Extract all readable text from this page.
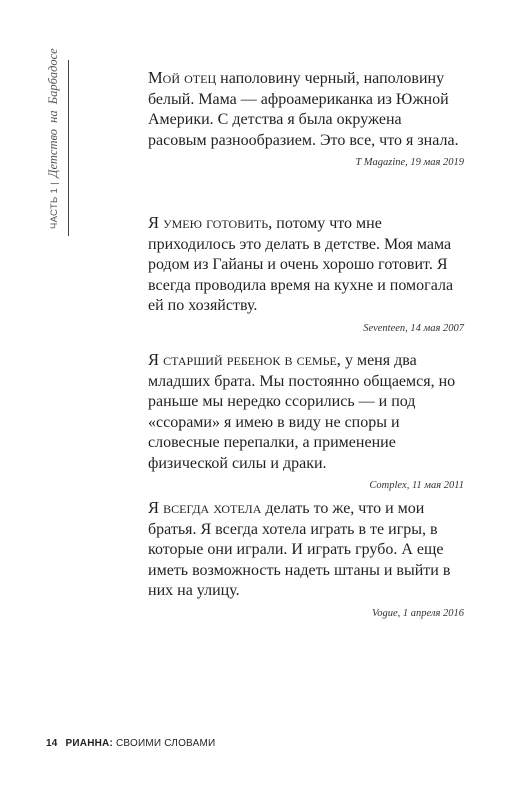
ЧАСТЬ 1|Детство на Барбадосе	Мой отец наполовину черный, наполовину белый. Мама — афроамериканка из Южной Америки. С детства я была окружена расовым разнообразием. Это все, что я знала.

T Magazine, 19 мая 2019

Я умею готовить, потому что мне приходилось это делать в детстве. Моя мама родом из Гайаны и очень хорошо готовит. Я всегда проводила время на кухне и помогала ей по хозяйству.

Seventeen, 14 мая 2007

Я старший ребенок в семье, у меня два младших брата. Мы постоянно общаемся, но раньше мы нередко ссорились — и под «ссорами» я имею в виду не споры и словесные перепалки, а применение физической силы и драки.

Complex, 11 мая 2011

Я всегда хотела делать то же, что и мои братья. Я всегда хотела играть в те игры, в которые они играли. И играть грубо. А еще иметь возможность надеть штаны и выйти в них на улицу.

Vogue, 1 апреля 2016

14 РИАННА: СВОИМИ СЛОВАМИ
